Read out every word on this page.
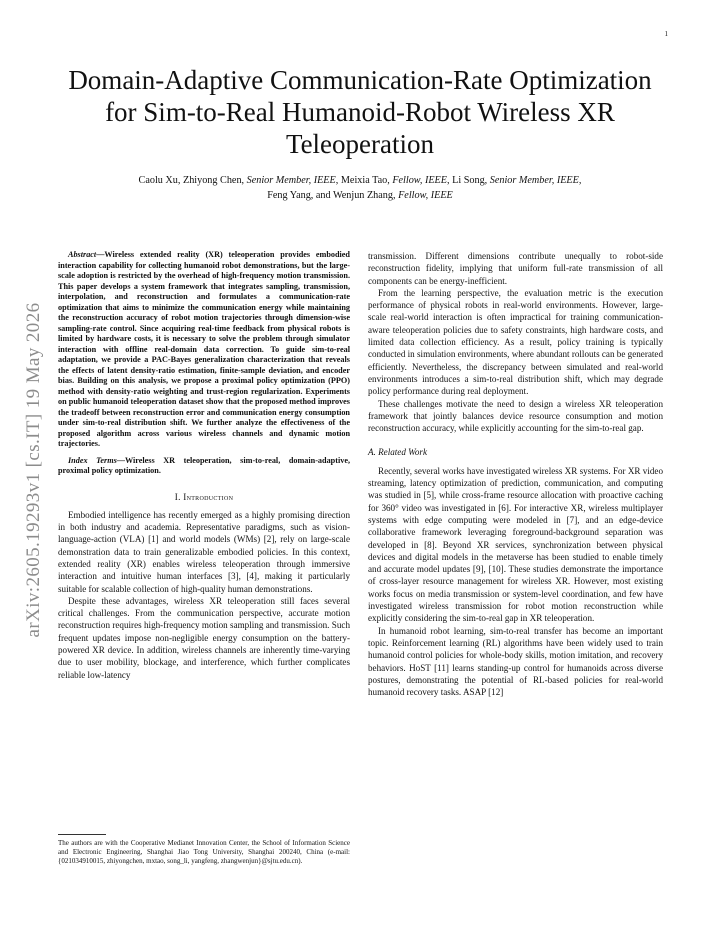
1
arXiv:2605.19293v1 [cs.IT] 19 May 2026
Domain-Adaptive Communication-Rate Optimization for Sim-to-Real Humanoid-Robot Wireless XR Teleoperation
Caolu Xu, Zhiyong Chen, Senior Member, IEEE, Meixia Tao, Fellow, IEEE, Li Song, Senior Member, IEEE,
Feng Yang, and Wenjun Zhang, Fellow, IEEE

Abstract—Wireless extended reality (XR) teleoperation provides embodied interaction capability for collecting humanoid robot demonstrations, but the large-scale adoption is restricted by the overhead of high-frequency motion transmission. This paper develops a system framework that integrates sampling, transmission, interpolation, and reconstruction and formulates a communication-rate optimization that aims to minimize the communication energy while maintaining the reconstruction accuracy of robot motion trajectories through dimension-wise sampling-rate control. Since acquiring real-time feedback from physical robots is limited by hardware costs, it is necessary to solve the problem through simulator interaction with offline real-domain data correction. To guide sim-to-real adaptation, we provide a PAC-Bayes generalization characterization that reveals the effects of latent density-ratio estimation, finite-sample deviation, and encoder bias. Building on this analysis, we propose a proximal policy optimization (PPO) method with density-ratio weighting and trust-region regularization. Experiments on public humanoid teleoperation dataset show that the proposed method improves the tradeoff between reconstruction error and communication energy consumption under sim-to-real distribution shift. We further analyze the effectiveness of the proposed algorithm across various wireless channels and dynamic motion trajectories.

Index Terms—Wireless XR teleoperation, sim-to-real, domain-adaptive, proximal policy optimization.

I. Introduction

Embodied intelligence has recently emerged as a highly promising direction in both industry and academia. Representative paradigms, such as vision-language-action (VLA) [1] and world models (WMs) [2], rely on large-scale demonstration data to train generalizable embodied policies. In this context, extended reality (XR) enables wireless teleoperation through immersive interaction and intuitive human interfaces [3], [4], making it particularly suitable for scalable collection of high-quality human demonstrations.

Despite these advantages, wireless XR teleoperation still faces several critical challenges. From the communication perspective, accurate motion reconstruction requires high-frequency motion sampling and transmission. Such frequent updates impose non-negligible energy consumption on the battery-powered XR device. In addition, wireless channels are inherently time-varying due to user mobility, blockage, and interference, which further complicates reliable low-latency

transmission. Different dimensions contribute unequally to robot-side reconstruction fidelity, implying that uniform full-rate transmission of all components can be energy-inefficient.

From the learning perspective, the evaluation metric is the execution performance of physical robots in real-world environments. However, large-scale real-world interaction is often impractical for training communication-aware teleoperation policies due to safety constraints, high hardware costs, and limited data collection efficiency. As a result, policy training is typically conducted in simulation environments, where abundant rollouts can be generated efficiently. Nevertheless, the discrepancy between simulated and real-world environments introduces a sim-to-real distribution shift, which may degrade policy performance during real deployment.

These challenges motivate the need to design a wireless XR teleoperation framework that jointly balances device resource consumption and motion reconstruction accuracy, while explicitly accounting for the sim-to-real gap.

A. Related Work

Recently, several works have investigated wireless XR systems. For XR video streaming, latency optimization of prediction, communication, and computing was studied in [5], while cross-frame resource allocation with proactive caching for 360° video was investigated in [6]. For interactive XR, wireless multiplayer systems with edge computing were modeled in [7], and an edge-device collaborative framework leveraging foreground-background separation was developed in [8]. Beyond XR services, synchronization between physical devices and digital models in the metaverse has been studied to enable timely and accurate model updates [9], [10]. These studies demonstrate the importance of cross-layer resource management for wireless XR. However, most existing works focus on media transmission or system-level coordination, and few have investigated wireless transmission for robot motion reconstruction while explicitly considering the sim-to-real gap in XR teleoperation.

In humanoid robot learning, sim-to-real transfer has become an important topic. Reinforcement learning (RL) algorithms have been widely used to train humanoid control policies for whole-body skills, motion imitation, and recovery behaviors. HoST [11] learns standing-up control for humanoids across diverse postures, demonstrating the potential of RL-based policies for real-world humanoid recovery tasks. ASAP [12]

The authors are with the Cooperative Medianet Innovation Center, the School of Information Science and Electronic Engineering, Shanghai Jiao Tong University, Shanghai 200240, China (e-mail: {021034910015, zhiyongchen, mxtao, song_li, yangfeng, zhangwenjun}@sjtu.edu.cn).
